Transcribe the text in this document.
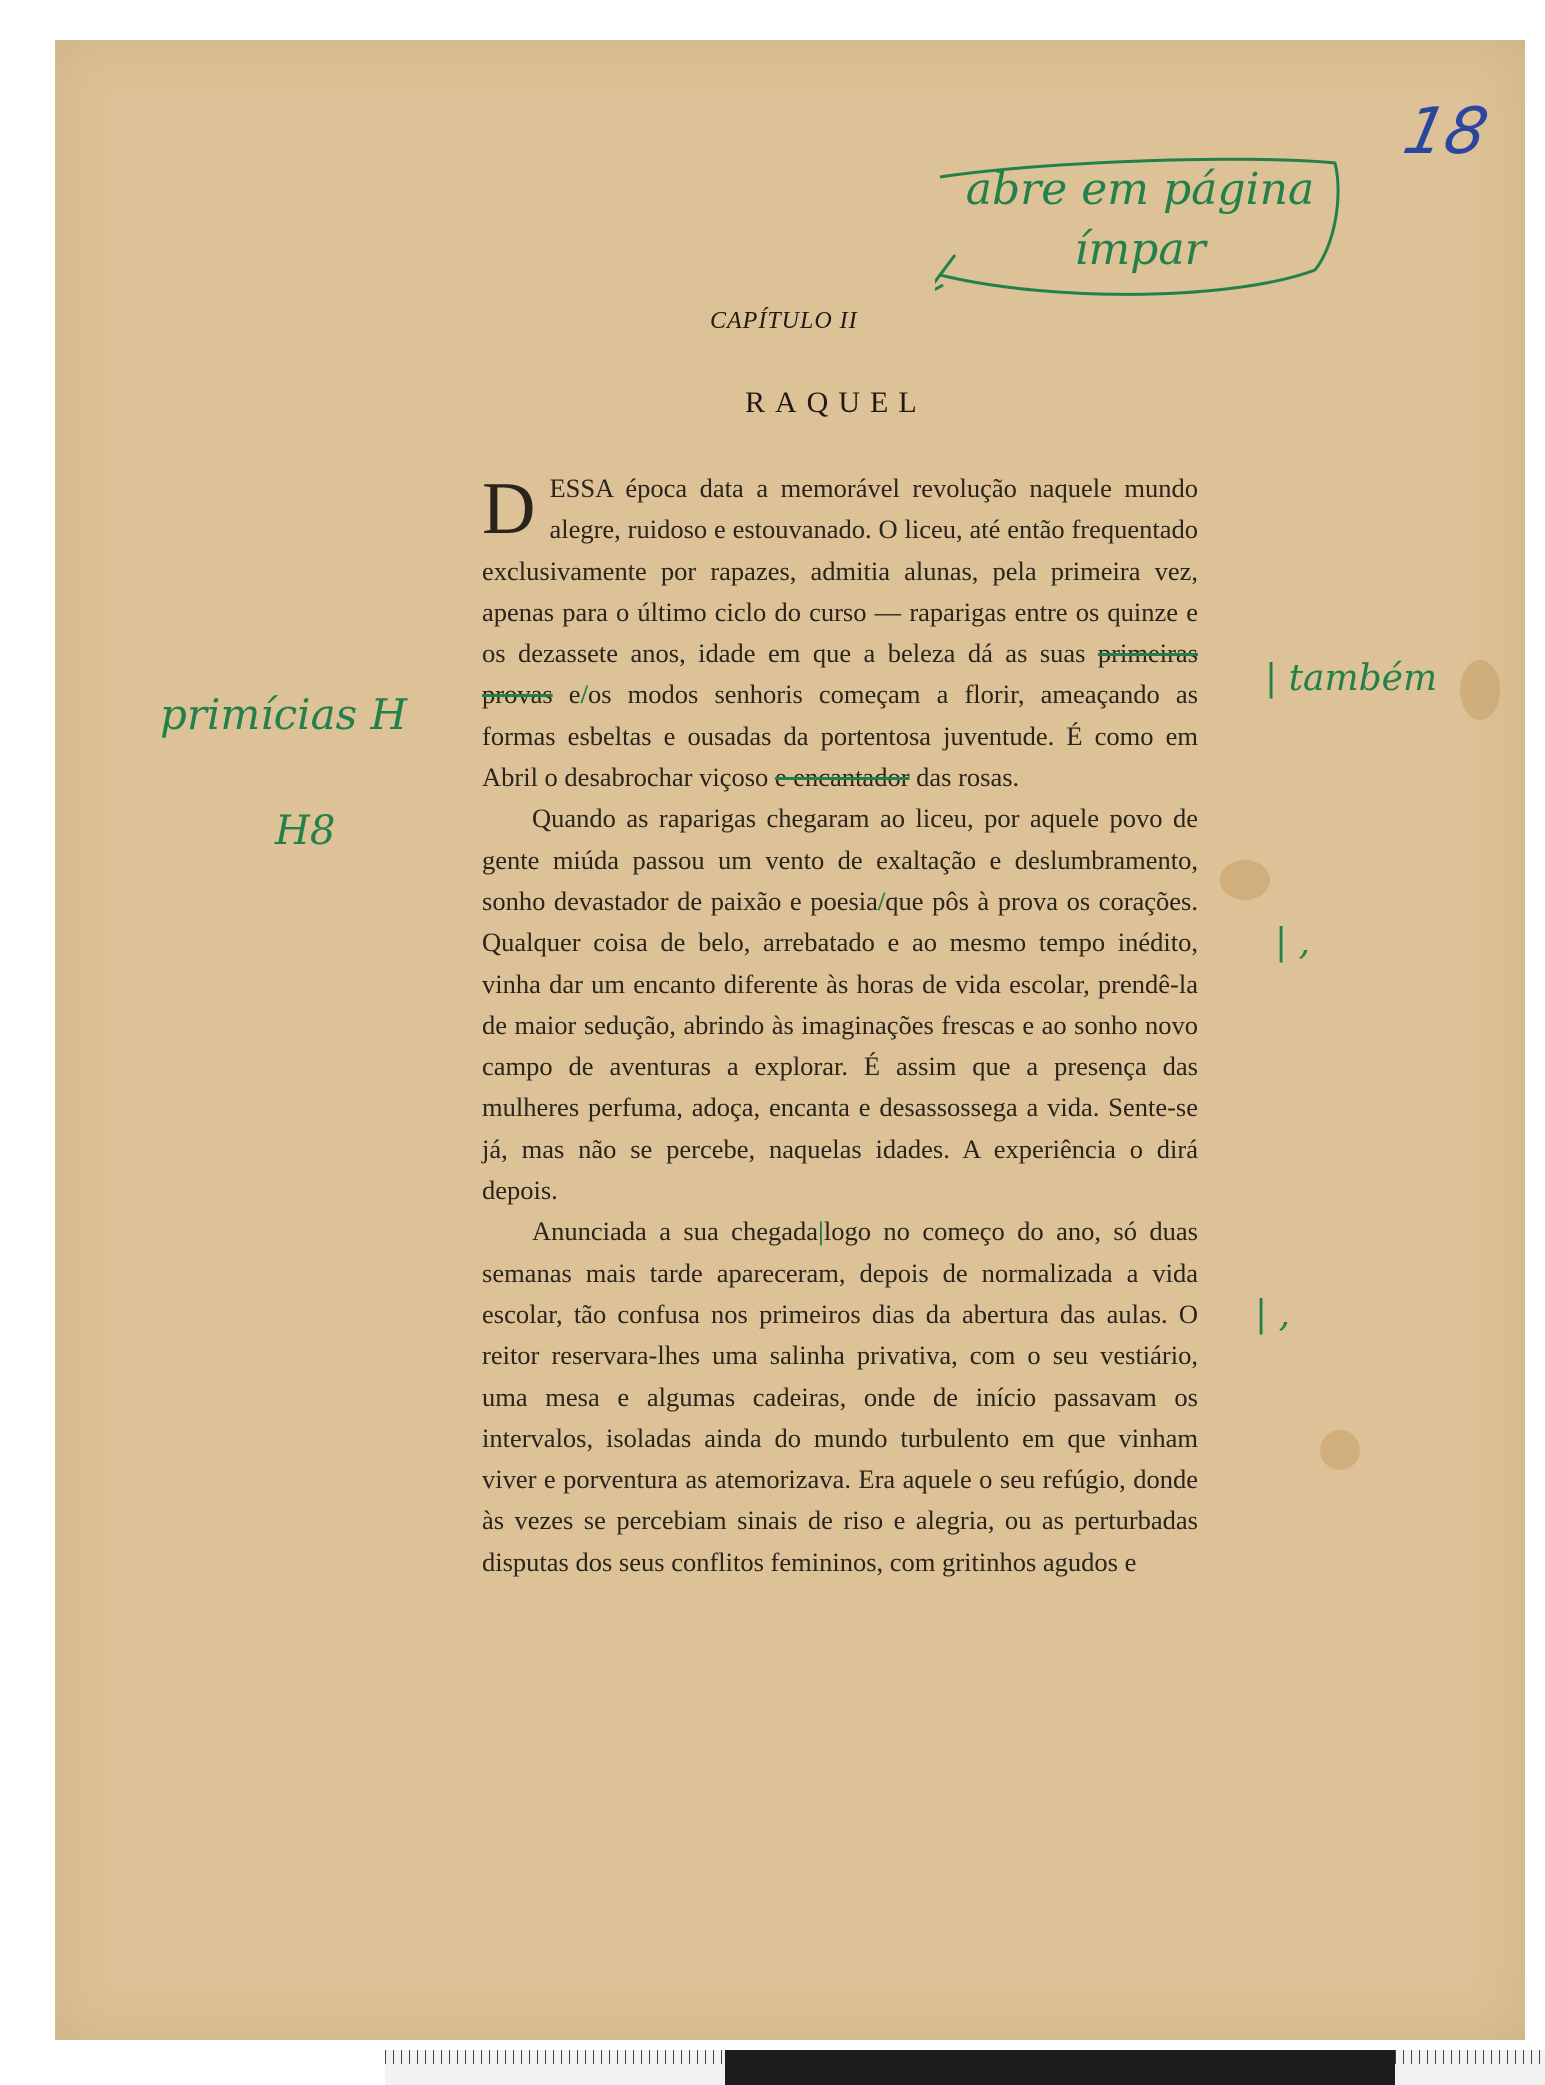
18
abre em página ímpar
primícias H
H8
| também
| ,
| ,
CAPÍTULO II
RAQUEL

DESSA época data a memorável revolução naquele mundo alegre, ruidoso e estouvanado. O liceu, até então frequentado exclusivamente por rapazes, admitia alunas, pela primeira vez, apenas para o último ciclo do curso — raparigas entre os quinze e os dezassete anos, idade em que a beleza dá as suas primeiras provas e/os modos senhoris começam a florir, ameaçando as formas esbeltas e ousadas da portentosa juventude. É como em Abril o desabrochar viçoso e encantador das rosas.

Quando as raparigas chegaram ao liceu, por aquele povo de gente miúda passou um vento de exaltação e deslumbramento, sonho devastador de paixão e poesia/que pôs à prova os corações. Qualquer coisa de belo, arrebatado e ao mesmo tempo inédito, vinha dar um encanto diferente às horas de vida escolar, prendê-la de maior sedução, abrindo às imaginações frescas e ao sonho novo campo de aventuras a explorar. É assim que a presença das mulheres perfuma, adoça, encanta e desassossega a vida. Sente-se já, mas não se percebe, naquelas idades. A experiência o dirá depois.

Anunciada a sua chegada|logo no começo do ano, só duas semanas mais tarde apareceram, depois de normalizada a vida escolar, tão confusa nos primeiros dias da abertura das aulas. O reitor reservara-lhes uma salinha privativa, com o seu vestiário, uma mesa e algumas cadeiras, onde de início passavam os intervalos, isoladas ainda do mundo turbulento em que vinham viver e porventura as atemorizava. Era aquele o seu refúgio, donde às vezes se percebiam sinais de riso e alegria, ou as perturbadas disputas dos seus conflitos femininos, com gritinhos agudos e
